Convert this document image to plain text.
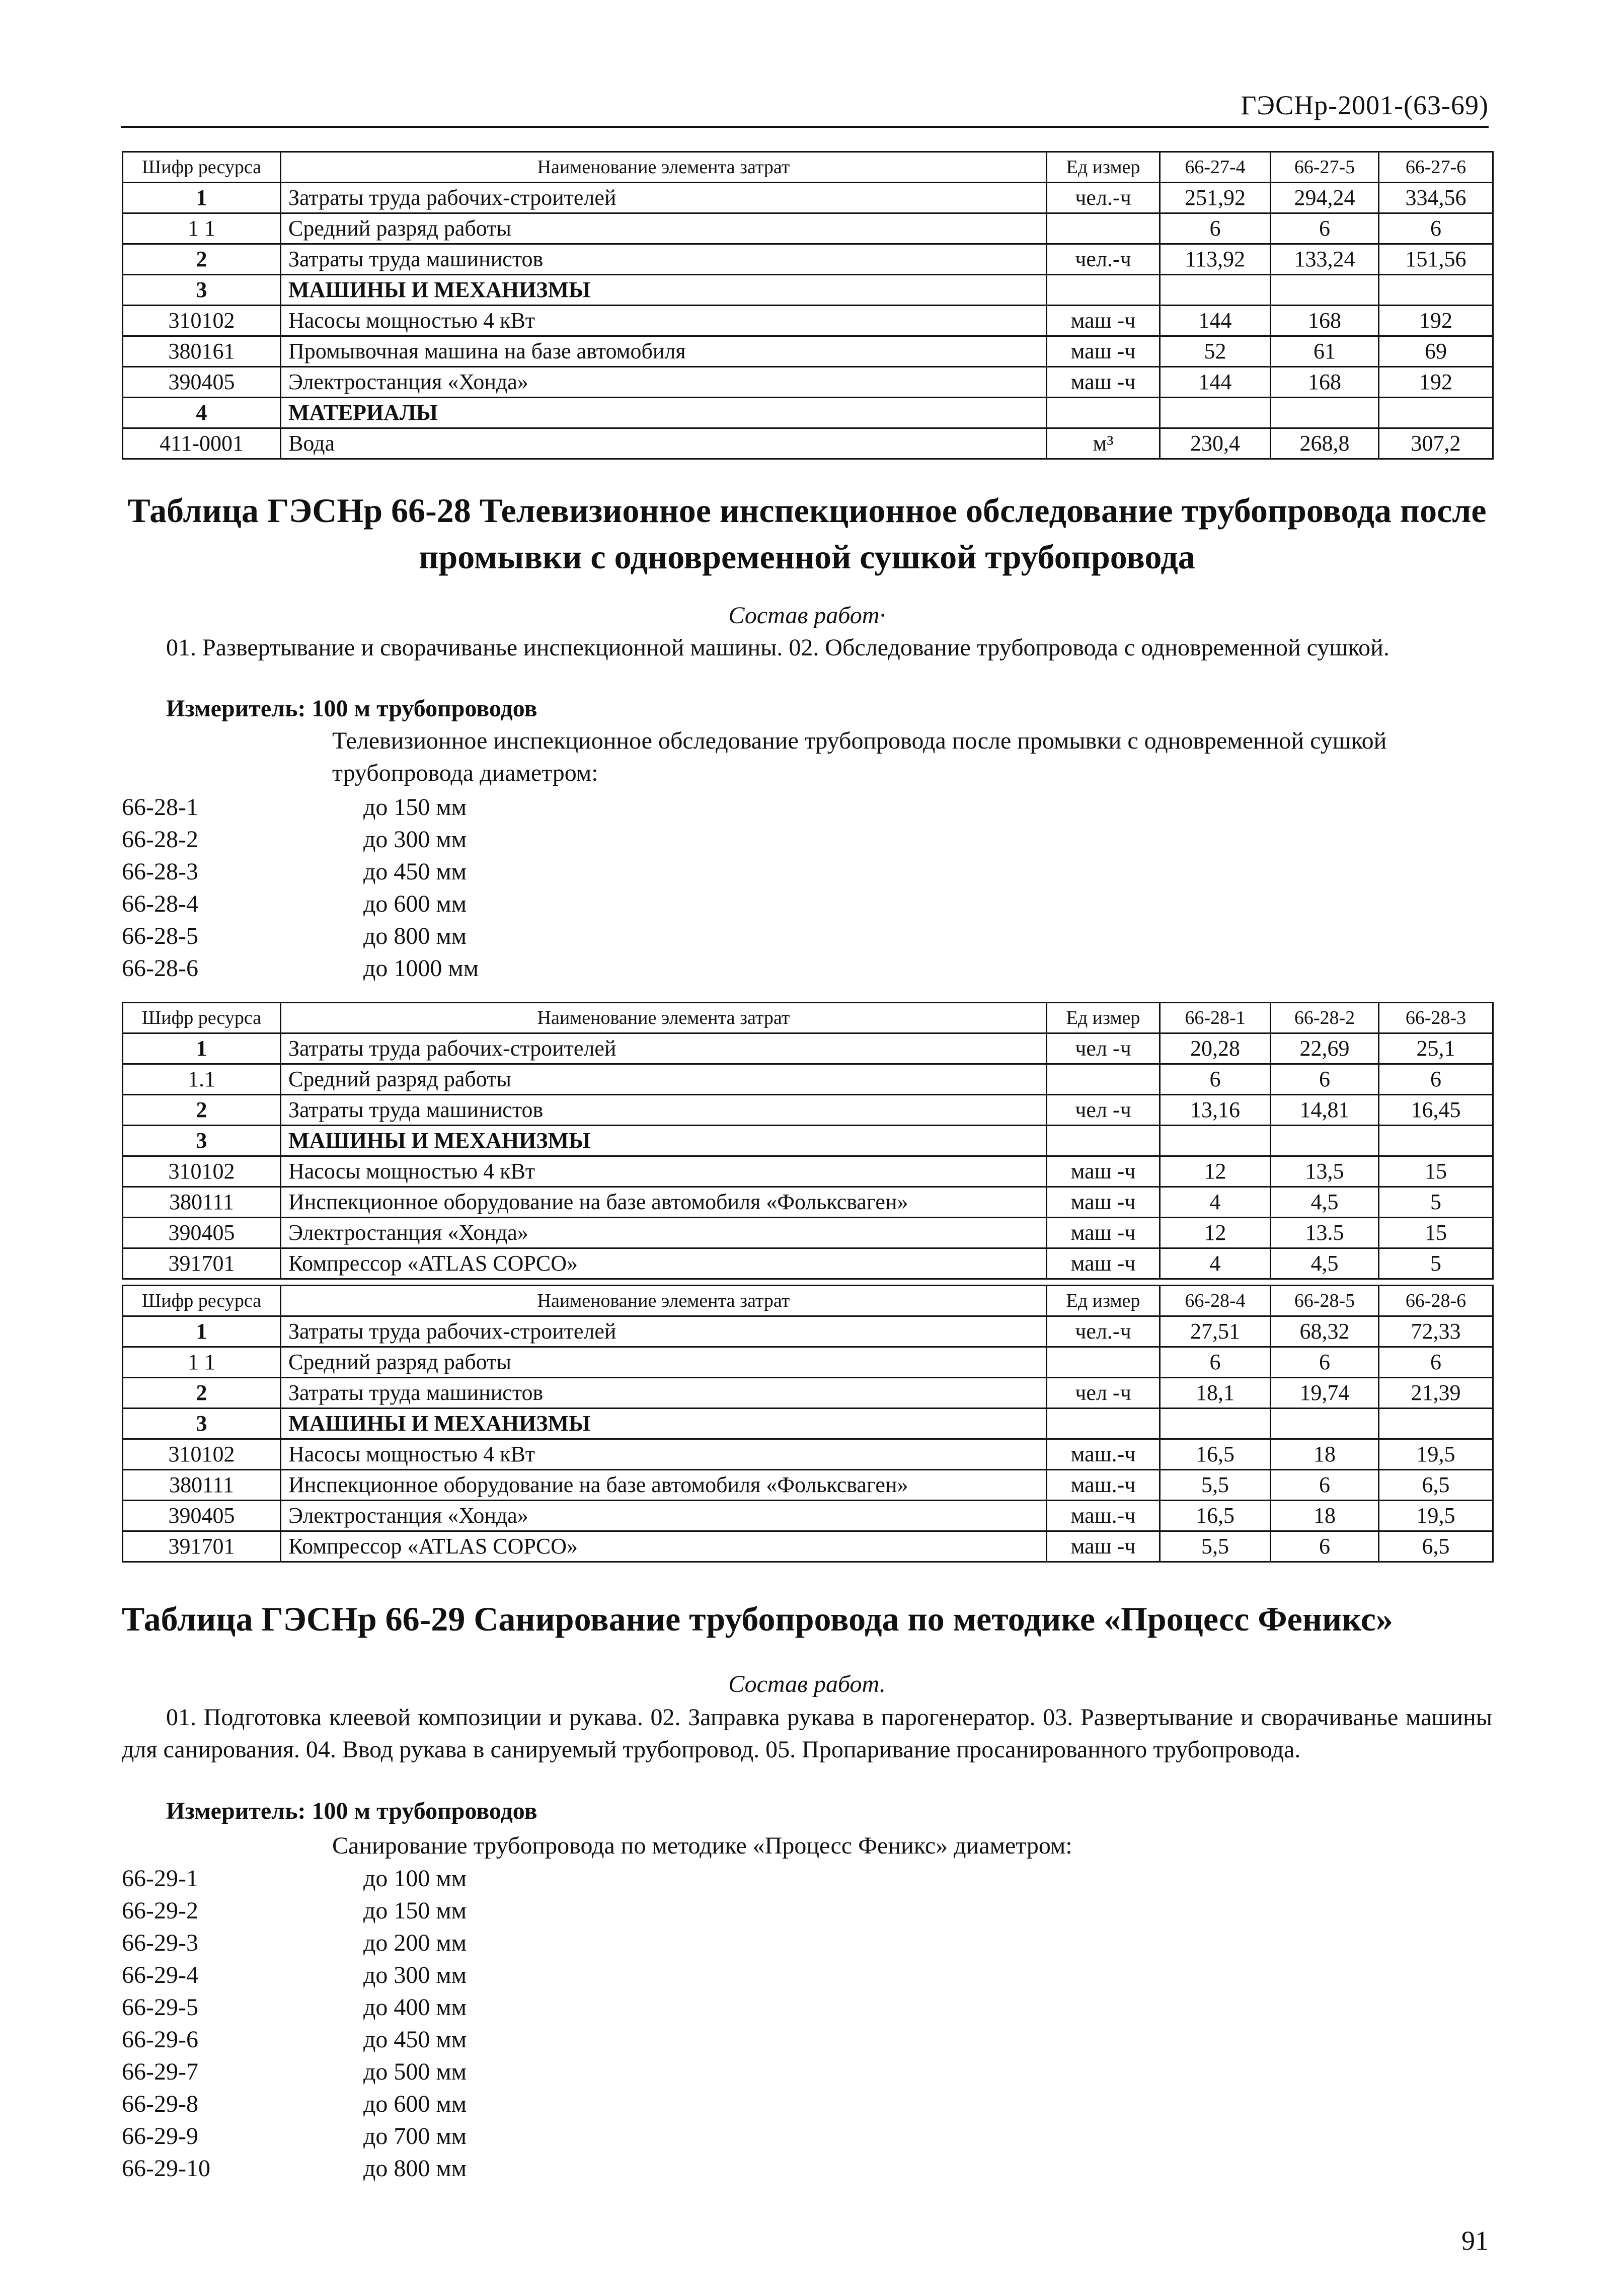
ГЭСНр-2001-(63-69)
Шифр ресурса	Наименование элемента затрат	Ед измер	66-27-4	66-27-5	66-27-6
1	Затраты труда рабочих-строителей	чел.-ч	251,92	294,24	334,56
1 1	Средний разряд работы		6	6	6
2	Затраты труда машинистов	чел.-ч	113,92	133,24	151,56
3	МАШИНЫ И МЕХАНИЗМЫ				
310102	Насосы мощностью 4 кВт	маш -ч	144	168	192
380161	Промывочная машина на базе автомобиля	маш -ч	52	61	69
390405	Электростанция «Хонда»	маш -ч	144	168	192
4	МАТЕРИАЛЫ				
411-0001	Вода	м³	230,4	268,8	307,2
Таблица ГЭСНр 66-28 Телевизионное инспекционное обследование трубопровода после
промывки с одновременной сушкой трубопровода
Состав работ·
01. Развертывание и сворачиванье инспекционной машины. 02. Обследование трубопровода с одновременной сушкой.
Измеритель: 100 м трубопроводов
Телевизионное инспекционное обследование трубопровода после промывки с одновременной сушкой трубопровода диаметром:
66-28-1	до 150 мм
66-28-2	до 300 мм
66-28-3	до 450 мм
66-28-4	до 600 мм
66-28-5	до 800 мм
66-28-6	до 1000 мм
Шифр ресурса	Наименование элемента затрат	Ед измер	66-28-1	66-28-2	66-28-3
1	Затраты труда рабочих-строителей	чел -ч	20,28	22,69	25,1
1.1	Средний разряд работы		6	6	6
2	Затраты труда машинистов	чел -ч	13,16	14,81	16,45
3	МАШИНЫ И МЕХАНИЗМЫ				
310102	Насосы мощностью 4 кВт	маш -ч	12	13,5	15
380111	Инспекционное оборудование на базе автомобиля «Фольксваген»	маш -ч	4	4,5	5
390405	Электростанция «Хонда»	маш -ч	12	13.5	15
391701	Компрессор «ATLAS COPCO»	маш -ч	4	4,5	5
Шифр ресурса	Наименование элемента затрат	Ед измер	66-28-4	66-28-5	66-28-6
1	Затраты труда рабочих-строителей	чел.-ч	27,51	68,32	72,33
1 1	Средний разряд работы		6	6	6
2	Затраты труда машинистов	чел -ч	18,1	19,74	21,39
3	МАШИНЫ И МЕХАНИЗМЫ				
310102	Насосы мощностью 4 кВт	маш.-ч	16,5	18	19,5
380111	Инспекционное оборудование на базе автомобиля «Фольксваген»	маш.-ч	5,5	6	6,5
390405	Электростанция «Хонда»	маш.-ч	16,5	18	19,5
391701	Компрессор «ATLAS COPCO»	маш -ч	5,5	6	6,5
Таблица ГЭСНр 66-29 Санирование трубопровода по методике «Процесс Феникс»
Состав работ.
01. Подготовка клеевой композиции и рукава. 02. Заправка рукава в парогенератор. 03. Развертывание и сворачиванье машины для санирования. 04. Ввод рукава в санируемый трубопровод. 05. Пропаривание просанированного трубопровода.
Измеритель: 100 м трубопроводов
Санирование трубопровода по методике «Процесс Феникс» диаметром:
66-29-1	до 100 мм
66-29-2	до 150 мм
66-29-3	до 200 мм
66-29-4	до 300 мм
66-29-5	до 400 мм
66-29-6	до 450 мм
66-29-7	до 500 мм
66-29-8	до 600 мм
66-29-9	до 700 мм
66-29-10	до 800 мм
91
